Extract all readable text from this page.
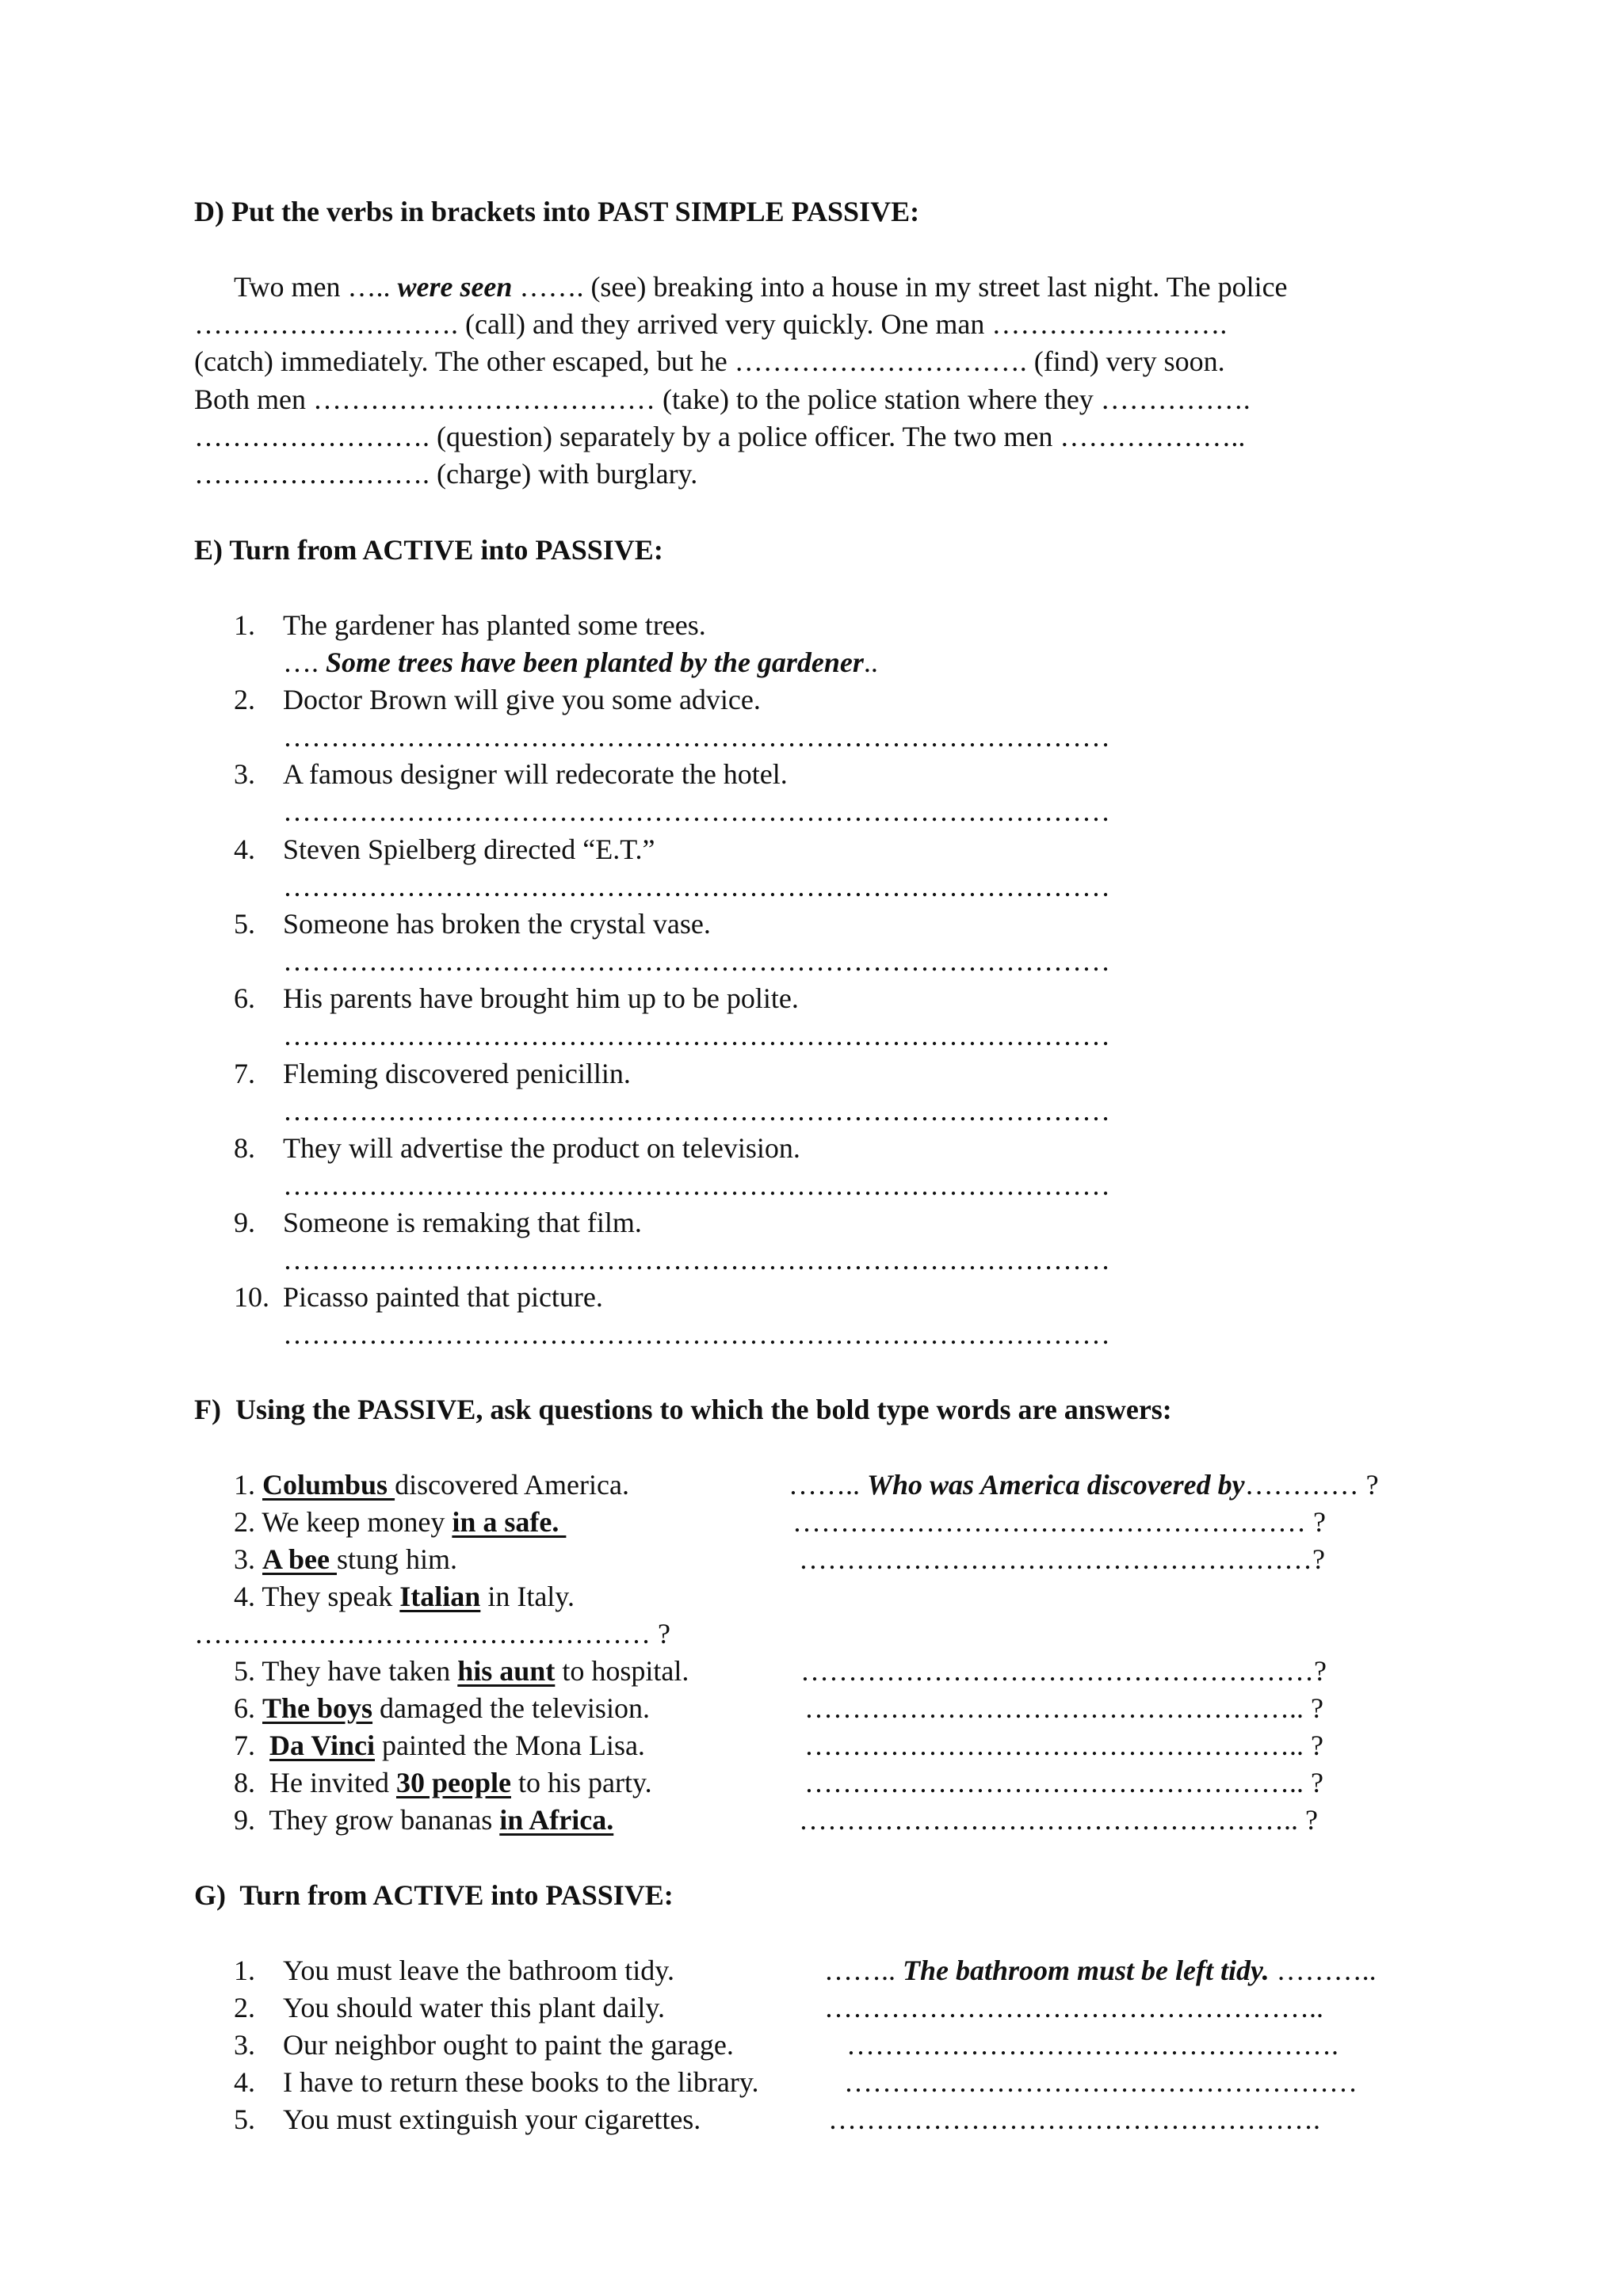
D) Put the verbs in brackets into PAST SIMPLE PASSIVE:
Two men ….. were seen ……. (see) breaking into a house in my street last night. The police
………………………. (call) and they arrived very quickly. One man …………………….
(catch) immediately. The other escaped, but he …………………………. (find) very soon.
Both men ……………………………… (take) to the police station where they …………….
……………………. (question) separately by a police officer. The two men ………………..
……………………. (charge) with burglary.
E) Turn from ACTIVE into PASSIVE:
1. The gardener has planted some trees.
…. Some trees have been planted by the gardener..
2. Doctor Brown will give you some advice.
……………………………………………………………………………
3. A famous designer will redecorate the hotel.
……………………………………………………………………………
4. Steven Spielberg directed “E.T.”
……………………………………………………………………………
5. Someone has broken the crystal vase.
……………………………………………………………………………
6. His parents have brought him up to be polite.
……………………………………………………………………………
7. Fleming discovered penicillin.
……………………………………………………………………………
8. They will advertise the product on television.
……………………………………………………………………………
9. Someone is remaking that film.
……………………………………………………………………………
10. Picasso painted that picture.
……………………………………………………………………………
F)  Using the PASSIVE, ask questions to which the bold type words are answers:
1. Columbus discovered America.	…….. Who was America discovered by………… ?
2. We keep money in a safe.	……………………………………………… ?
3. A bee stung him.	………………………………………………?
4. They speak Italian in Italy.
………………………………………… ?
5. They have taken his aunt to hospital.	………………………………………………?
6. The boys damaged the television.	…………………………………………….. ?
7. Da Vinci painted the Mona Lisa.	…………………………………………….. ?
8.  He invited 30 people to his party.	…………………………………………….. ?
9.  They grow bananas in Africa.	…………………………………………….. ?
G)  Turn from ACTIVE into PASSIVE:
1. You must leave the bathroom tidy.	…….. The bathroom must be left tidy. ………..
2. You should water this plant daily.	……………………………………………..
3. Our neighbor ought to paint the garage.	…………………………………………….
4. I have to return these books to the library.	………………………………………………
5. You must extinguish your cigarettes.	…………………………………………….
